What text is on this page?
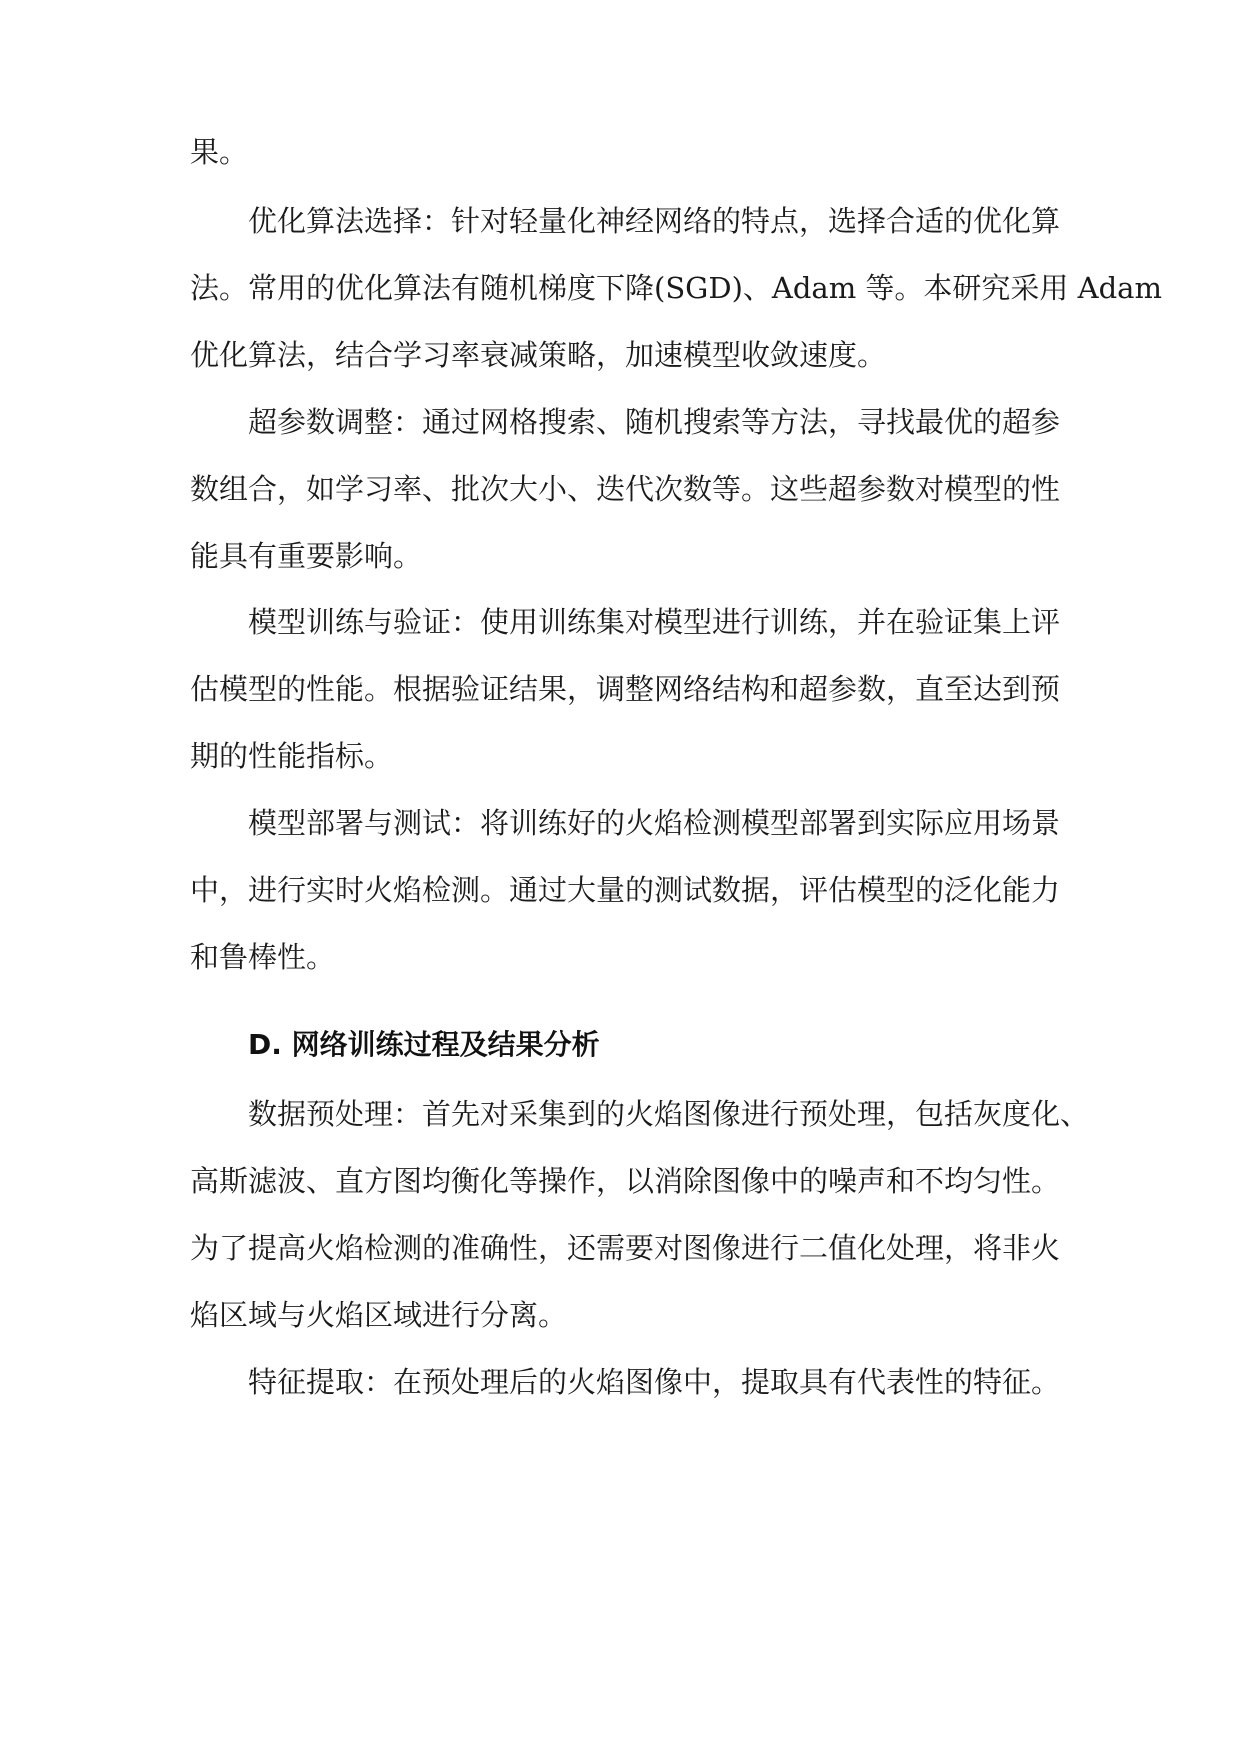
果。
优化算法选择：针对轻量化神经网络的特点，选择合适的优化算
法。常用的优化算法有随机梯度下降(SGD)、Adam 等。本研究采用 Adam
优化算法，结合学习率衰减策略，加速模型收敛速度。
超参数调整：通过网格搜索、随机搜索等方法，寻找最优的超参
数组合，如学习率、批次大小、迭代次数等。这些超参数对模型的性
能具有重要影响。
模型训练与验证：使用训练集对模型进行训练，并在验证集上评
估模型的性能。根据验证结果，调整网络结构和超参数，直至达到预
期的性能指标。
模型部署与测试：将训练好的火焰检测模型部署到实际应用场景
中，进行实时火焰检测。通过大量的测试数据，评估模型的泛化能力
和鲁棒性。
D. 网络训练过程及结果分析
数据预处理：首先对采集到的火焰图像进行预处理，包括灰度化、
高斯滤波、直方图均衡化等操作，以消除图像中的噪声和不均匀性。
为了提高火焰检测的准确性，还需要对图像进行二值化处理，将非火
焰区域与火焰区域进行分离。
特征提取：在预处理后的火焰图像中，提取具有代表性的特征。
